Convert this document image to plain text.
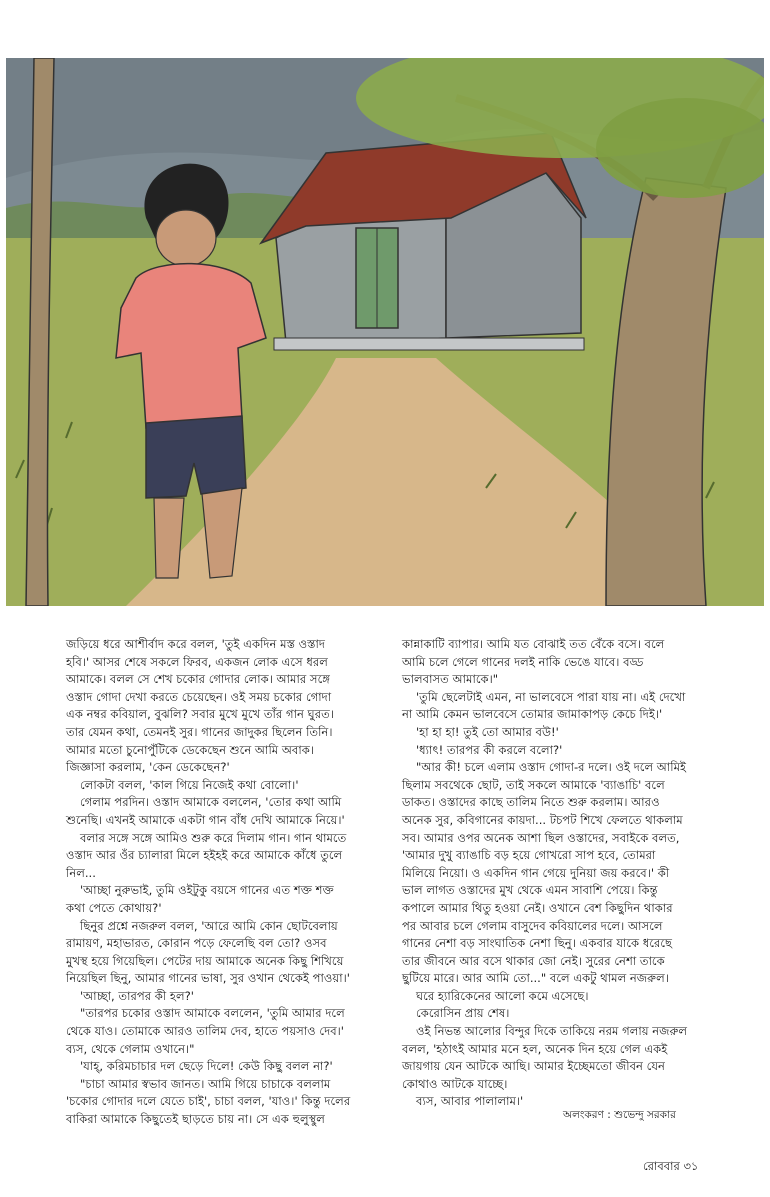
জড়িয়ে ধরে আশীর্বাদ করে বলল, 'তুই একদিন মস্ত ওস্তাদ

হবি।' আসর শেষে সকলে ফিরব, একজন লোক এসে ধরল

আমাকে। বলল সে শেখ চকোর গোদার লোক। আমার সঙ্গে

ওস্তাদ গোদা দেখা করতে চেয়েছেন। ওই সময় চকোর গোদা

এক নম্বর কবিয়াল, বুঝলি? সবার মুখে মুখে তাঁর গান ঘুরত।

তার যেমন কথা, তেমনই সুর। গানের জাদুকর ছিলেন তিনি।

আমার মতো চুনোপুঁটিকে ডেকেছেন শুনে আমি অবাক।

জিজ্ঞাসা করলাম, 'কেন ডেকেছেন?'

লোকটা বলল, 'কাল গিয়ে নিজেই কথা বোলো।'

গেলাম পরদিন। ওস্তাদ আমাকে বললেন, 'তোর কথা আমি

শুনেছি। এখনই আমাকে একটা গান বাঁধ দেখি আমাকে নিয়ে।'

বলার সঙ্গে সঙ্গে আমিও শুরু করে দিলাম গান। গান থামতে

ওস্তাদ আর ওঁর চ্যালারা মিলে হইহই করে আমাকে কাঁধে তুলে

নিল...

'আচ্ছা নুরুভাই, তুমি ওইটুকু বয়সে গানের এত শক্ত শক্ত

কথা পেতে কোথায়?'

ছিনুর প্রশ্নে নজরুল বলল, 'আরে আমি কোন ছোটবেলায়

রামায়ণ, মহাভারত, কোরান পড়ে ফেলেছি বল তো? ওসব

মুখস্থ হয়ে গিয়েছিল। পেটের দায় আমাকে অনেক কিছু শিখিয়ে

নিয়েছিল ছিনু, আমার গানের ভাষা, সুর ওখান থেকেই পাওয়া।'

'আচ্ছা, তারপর কী হল?'

"তারপর চকোর ওস্তাদ আমাকে বললেন, 'তুমি আমার দলে

থেকে যাও। তোমাকে আরও তালিম দেব, হাতে পয়সাও দেব।'

ব্যস, থেকে গেলাম ওখানে।"

'যাহ্, করিমচাচার দল ছেড়ে দিলে! কেউ কিছু বলল না?'

"চাচা আমার স্বভাব জানত। আমি গিয়ে চাচাকে বললাম

'চকোর গোদার দলে যেতে চাই', চাচা বলল, 'যাও।' কিন্তু দলের

বাকিরা আমাকে কিছুতেই ছাড়তে চায় না। সে এক হুলুস্থুল

কান্নাকাটি ব্যাপার। আমি যত বোঝাই তত বেঁকে বসে। বলে

আমি চলে গেলে গানের দলই নাকি ভেঙে যাবে। বড্ড

ভালবাসত আমাকে।"

'তুমি ছেলেটাই এমন, না ভালবেসে পারা যায় না। এই দেখো

না আমি কেমন ভালবেসে তোমার জামাকাপড় কেচে দিই।'

'হা হা হা! তুই তো আমার বউ!'

'ধ্যাৎ! তারপর কী করলে বলো?'

"আর কী! চলে এলাম ওস্তাদ গোদা-র দলে। ওই দলে আমিই

ছিলাম সবথেকে ছোট, তাই সকলে আমাকে 'ব্যাঙাচি' বলে

ডাকত। ওস্তাদের কাছে তালিম নিতে শুরু করলাম। আরও

অনেক সুর, কবিগানের কায়দা... টচপট শিখে ফেলতে থাকলাম

সব। আমার ওপর অনেক আশা ছিল ওস্তাদের, সবাইকে বলত,

'আমার দুখু ব্যাঙাচি বড় হয়ে গোখরো সাপ হবে, তোমরা

মিলিয়ে নিয়ো। ও একদিন গান গেয়ে দুনিয়া জয় করবে।' কী

ভাল লাগত ওস্তাদের মুখ থেকে এমন সাবাশি পেয়ে। কিন্তু

কপালে আমার থিতু হওয়া নেই। ওখানে বেশ কিছুদিন থাকার

পর আবার চলে গেলাম বাসুদেব কবিয়ালের দলে। আসলে

গানের নেশা বড় সাংঘাতিক নেশা ছিনু। একবার যাকে ধরেছে

তার জীবনে আর বসে থাকার জো নেই। সুরের নেশা তাকে

ছুটিয়ে মারে। আর আমি তো..." বলে একটু থামল নজরুল।

ঘরে হ্যারিকেনের আলো কমে এসেছে।

কেরোসিন প্রায় শেষ।

ওই নিভন্ত আলোর বিন্দুর দিকে তাকিয়ে নরম গলায় নজরুল

বলল, 'হঠাৎই আমার মনে হল, অনেক দিন হয়ে গেল একই

জায়গায় যেন আটকে আছি। আমার ইচ্ছেমতো জীবন যেন

কোথাও আটকে যাচ্ছে।

ব্যস, আবার পালালাম।'

অলংকরণ : শুভেন্দু সরকার
রোববার ৩১
